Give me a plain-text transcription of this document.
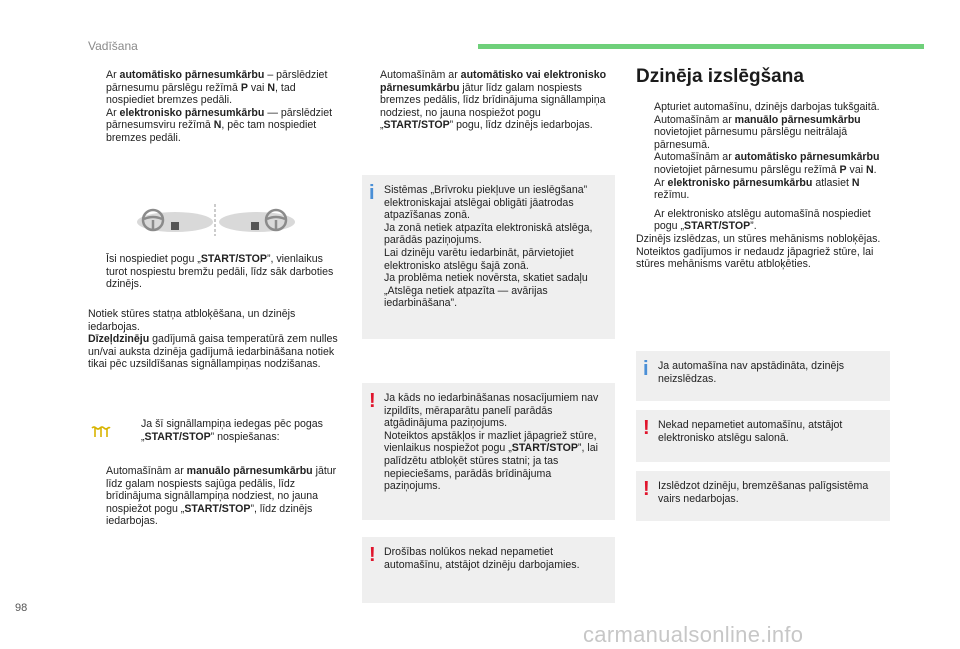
Vadīšana
Ar automātisko pārnesumkārbu – pārslēdziet pārnesumu pārslēgu režīmā P vai N, tad nospiediet bremzes pedāli.
Ar elektronisko pārnesumkārbu — pārslēdziet pārnesumsviru režīmā N, pēc tam nospiediet bremzes pedāli.
Īsi nospiediet pogu „START/STOP”, vienlaikus turot nospiestu bremžu pedāli, līdz sāk darboties dzinējs.

Notiek stūres statņa atbloķēšana, un dzinējs iedarbojas.

Dīzeļdzinēju gadījumā gaisa temperatūrā zem nulles un/vai auksta dzinēja gadījumā iedarbināšana notiek tikai pēc uzsildīšanas signāllampiņas nodzišanas.

Ja šī signāllampiņa iedegas pēc pogas „START/STOP” nospiešanas:
Automašīnām ar manuālo pārnesumkārbu jātur līdz galam nospiests sajūga pedālis, līdz brīdinājuma signāllampiņa nodziest, no jauna nospiežot pogu „START/STOP”, līdz dzinējs iedarbojas.
Automašīnām ar automātisko vai elektronisko pārnesumkārbu jātur līdz galam nospiests bremzes pedālis, līdz brīdinājuma signāllampiņa nodziest, no jauna nospiežot pogu „START/STOP” pogu, līdz dzinējs iedarbojas.
i Sistēmas „Brīvroku piekļuve un ieslēgšana” elektroniskajai atslēgai obligāti jāatrodas atpazīšanas zonā.
Ja zonā netiek atpazīta elektroniskā atslēga, parādās paziņojums.
Lai dzinēju varētu iedarbināt, pārvietojiet elektronisko atslēgu šajā zonā.
Ja problēma netiek novērsta, skatiet sadaļu „Atslēga netiek atpazīta — avārijas iedarbināšana”.
! Ja kāds no iedarbināšanas nosacījumiem nav izpildīts, mēraparātu panelī parādās atgādinājuma paziņojums.
Noteiktos apstākļos ir mazliet jāpagriež stūre, vienlaikus nospiežot pogu „START/STOP”, lai palīdzētu atbloķēt stūres statni; ja tas nepieciešams, parādās brīdinājuma paziņojums.
! Drošības nolūkos nekad nepametiet automašīnu, atstājot dzinēju darbojamies.
Dzinēja izslēgšana
Apturiet automašīnu, dzinējs darbojas tukšgaitā.
Automašīnām ar manuālo pārnesumkārbu novietojiet pārnesumu pārslēgu neitrālajā pārnesumā.
Automašīnām ar automātisko pārnesumkārbu novietojiet pārnesumu pārslēgu režīmā P vai N.
Ar elektronisko pārnesumkārbu atlasiet N režīmu.
Ar elektronisko atslēgu automašīnā nospiediet pogu „START/STOP”.

Dzinējs izslēdzas, un stūres mehānisms nobloķējas.
Noteiktos gadījumos ir nedaudz jāpagriež stūre, lai stūres mehānisms varētu atbloķēties.

i Ja automašīna nav apstādināta, dzinējs neizslēdzas.
! Nekad nepametiet automašīnu, atstājot elektronisko atslēgu salonā.
! Izslēdzot dzinēju, bremzēšanas palīgsistēma vairs nedarbojas.
98
carmanualsonline.info
